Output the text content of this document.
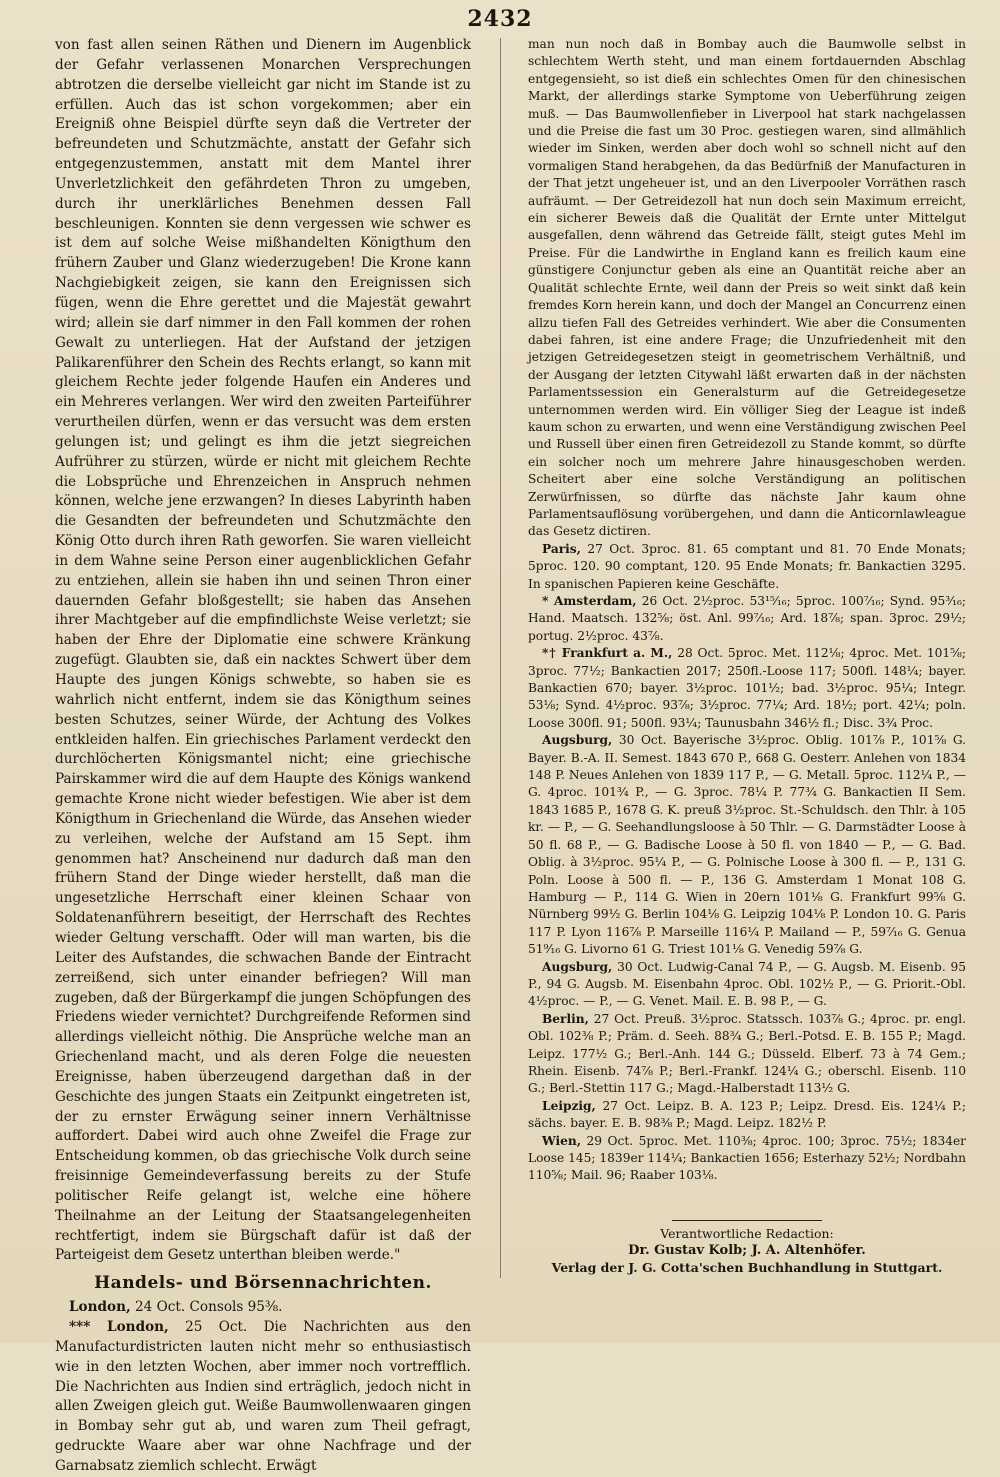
2432

von fast allen seinen Räthen und Dienern im Augenblick der Gefahr verlassenen Monarchen Versprechungen abtrotzen die derselbe vielleicht gar nicht im Stande ist zu erfüllen. Auch das ist schon vorgekommen; aber ein Ereigniß ohne Beispiel dürfte seyn daß die Vertreter der befreundeten und Schutzmächte, anstatt der Gefahr sich entgegenzustemmen, anstatt mit dem Mantel ihrer Unverletzlichkeit den gefährdeten Thron zu umgeben, durch ihr unerklärliches Benehmen dessen Fall beschleunigen. Konnten sie denn vergessen wie schwer es ist dem auf solche Weise mißhandelten Königthum den frühern Zauber und Glanz wiederzugeben! Die Krone kann Nachgiebigkeit zeigen, sie kann den Ereignissen sich fügen, wenn die Ehre gerettet und die Majestät gewahrt wird; allein sie darf nimmer in den Fall kommen der rohen Gewalt zu unterliegen. Hat der Aufstand der jetzigen Palikarenführer den Schein des Rechts erlangt, so kann mit gleichem Rechte jeder folgende Haufen ein Anderes und ein Mehreres verlangen. Wer wird den zweiten Parteiführer verurtheilen dürfen, wenn er das versucht was dem ersten gelungen ist; und gelingt es ihm die jetzt siegreichen Aufrührer zu stürzen, würde er nicht mit gleichem Rechte die Lobsprüche und Ehrenzeichen in Anspruch nehmen können, welche jene erzwangen? In dieses Labyrinth haben die Gesandten der befreundeten und Schutzmächte den König Otto durch ihren Rath geworfen. Sie waren vielleicht in dem Wahne seine Person einer augenblicklichen Gefahr zu entziehen, allein sie haben ihn und seinen Thron einer dauernden Gefahr bloßgestellt; sie haben das Ansehen ihrer Machtgeber auf die empfindlichste Weise verletzt; sie haben der Ehre der Diplomatie eine schwere Kränkung zugefügt. Glaubten sie, daß ein nacktes Schwert über dem Haupte des jungen Königs schwebte, so haben sie es wahrlich nicht entfernt, indem sie das Königthum seines besten Schutzes, seiner Würde, der Achtung des Volkes entkleiden halfen. Ein griechisches Parlament verdeckt den durchlöcherten Königsmantel nicht; eine griechische Pairskammer wird die auf dem Haupte des Königs wankend gemachte Krone nicht wieder befestigen. Wie aber ist dem Königthum in Griechenland die Würde, das Ansehen wieder zu verleihen, welche der Aufstand am 15 Sept. ihm genommen hat? Anscheinend nur dadurch daß man den frühern Stand der Dinge wieder herstellt, daß man die ungesetzliche Herrschaft einer kleinen Schaar von Soldatenanführern beseitigt, der Herrschaft des Rechtes wieder Geltung verschafft. Oder will man warten, bis die Leiter des Aufstandes, die schwachen Bande der Eintracht zerreißend, sich unter einander befriegen? Will man zugeben, daß der Bürgerkampf die jungen Schöpfungen des Friedens wieder vernichtet? Durchgreifende Reformen sind allerdings vielleicht nöthig. Die Ansprüche welche man an Griechenland macht, und als deren Folge die neuesten Ereignisse, haben überzeugend dargethan daß in der Geschichte des jungen Staats ein Zeitpunkt eingetreten ist, der zu ernster Erwägung seiner innern Verhältnisse auffordert. Dabei wird auch ohne Zweifel die Frage zur Entscheidung kommen, ob das griechische Volk durch seine freisinnige Gemeindeverfassung bereits zu der Stufe politischer Reife gelangt ist, welche eine höhere Theilnahme an der Leitung der Staatsangelegenheiten rechtfertigt, indem sie Bürgschaft dafür ist daß der Parteigeist dem Gesetz unterthan bleiben werde."

Handels- und Börsennachrichten.

London, 24 Oct. Consols 95⅜.

*** London, 25 Oct. Die Nachrichten aus den Manufacturdistricten lauten nicht mehr so enthusiastisch wie in den letzten Wochen, aber immer noch vortrefflich. Die Nachrichten aus Indien sind erträglich, jedoch nicht in allen Zweigen gleich gut. Weiße Baumwollenwaaren gingen in Bombay sehr gut ab, und waren zum Theil gefragt, gedruckte Waare aber war ohne Nachfrage und der Garnabsatz ziemlich schlecht. Erwägt

man nun noch daß in Bombay auch die Baumwolle selbst in schlechtem Werth steht, und man einem fortdauernden Abschlag entgegensieht, so ist dieß ein schlechtes Omen für den chinesischen Markt, der allerdings starke Symptome von Ueberführung zeigen muß. — Das Baumwollenfieber in Liverpool hat stark nachgelassen und die Preise die fast um 30 Proc. gestiegen waren, sind allmählich wieder im Sinken, werden aber doch wohl so schnell nicht auf den vormaligen Stand herabgehen, da das Bedürfniß der Manufacturen in der That jetzt ungeheuer ist, und an den Liverpooler Vorräthen rasch aufräumt. — Der Getreidezoll hat nun doch sein Maximum erreicht, ein sicherer Beweis daß die Qualität der Ernte unter Mittelgut ausgefallen, denn während das Getreide fällt, steigt gutes Mehl im Preise. Für die Landwirthe in England kann es freilich kaum eine günstigere Conjunctur geben als eine an Quantität reiche aber an Qualität schlechte Ernte, weil dann der Preis so weit sinkt daß kein fremdes Korn herein kann, und doch der Mangel an Concurrenz einen allzu tiefen Fall des Getreides verhindert. Wie aber die Consumenten dabei fahren, ist eine andere Frage; die Unzufriedenheit mit den jetzigen Getreidegesetzen steigt in geometrischem Verhältniß, und der Ausgang der letzten Citywahl läßt erwarten daß in der nächsten Parlamentssession ein Generalsturm auf die Getreidegesetze unternommen werden wird. Ein völliger Sieg der League ist indeß kaum schon zu erwarten, und wenn eine Verständigung zwischen Peel und Russell über einen firen Getreidezoll zu Stande kommt, so dürfte ein solcher noch um mehrere Jahre hinausgeschoben werden. Scheitert aber eine solche Verständigung an politischen Zerwürfnissen, so dürfte das nächste Jahr kaum ohne Parlamentsauflösung vorübergehen, und dann die Anticornlawleague das Gesetz dictiren.

Paris, 27 Oct. 3proc. 81. 65 comptant und 81. 70 Ende Monats; 5proc. 120. 90 comptant, 120. 95 Ende Monats; fr. Bankactien 3295. In spanischen Papieren keine Geschäfte.

* Amsterdam, 26 Oct. 2½proc. 53¹⁵⁄₁₆; 5proc. 100⁷⁄₁₆; Synd. 95³⁄₁₆; Hand. Maatsch. 132⅝; öst. Anl. 99⁷⁄₁₆; Ard. 18⅞; span. 3proc. 29½; portug. 2½proc. 43⅞.

*† Frankfurt a. M., 28 Oct. 5proc. Met. 112⅛; 4proc. Met. 101⅝; 3proc. 77½; Bankactien 2017; 250fl.-Loose 117; 500fl. 148¼; bayer. Bankactien 670; bayer. 3½proc. 101½; bad. 3½proc. 95¼; Integr. 53⅛; Synd. 4½proc. 93⅞; 3½proc. 77¼; Ard. 18½; port. 42¼; poln. Loose 300fl. 91; 500fl. 93¼; Taunusbahn 346½ fl.; Disc. 3¾ Proc.

Augsburg, 30 Oct. Bayerische 3½proc. Oblig. 101⅞ P., 101⅝ G. Bayer. B.-A. II. Semest. 1843 670 P., 668 G. Oesterr. Anlehen von 1834 148 P. Neues Anlehen von 1839 117 P., — G. Metall. 5proc. 112¼ P., — G. 4proc. 101¾ P., — G. 3proc. 78¼ P. 77¾ G. Bankactien II Sem. 1843 1685 P., 1678 G. K. preuß 3½proc. St.-Schuldsch. den Thlr. à 105 kr. — P., — G. Seehandlungsloose à 50 Thlr. — G. Darmstädter Loose à 50 fl. 68 P., — G. Badische Loose à 50 fl. von 1840 — P., — G. Bad. Oblig. à 3½proc. 95¼ P., — G. Polnische Loose à 300 fl. — P., 131 G. Poln. Loose à 500 fl. — P., 136 G. Amsterdam 1 Monat 108 G. Hamburg — P., 114 G. Wien in 20ern 101⅛ G. Frankfurt 99⅝ G. Nürnberg 99½ G. Berlin 104⅛ G. Leipzig 104⅛ P. London 10. G. Paris 117 P. Lyon 116⅞ P. Marseille 116¼ P. Mailand — P., 59⁷⁄₁₆ G. Genua 51⁹⁄₁₆ G. Livorno 61 G. Triest 101⅛ G. Venedig 59⅞ G.

Augsburg, 30 Oct. Ludwig-Canal 74 P., — G. Augsb. M. Eisenb. 95 P., 94 G. Augsb. M. Eisenbahn 4proc. Obl. 102½ P., — G. Priorit.-Obl. 4½proc. — P., — G. Venet. Mail. E. B. 98 P., — G.

Berlin, 27 Oct. Preuß. 3½proc. Statssch. 103⅞ G.; 4proc. pr. engl. Obl. 102⅜ P.; Präm. d. Seeh. 88¾ G.; Berl.-Potsd. E. B. 155 P.; Magd. Leipz. 177½ G.; Berl.-Anh. 144 G.; Düsseld. Elberf. 73 à 74 Gem.; Rhein. Eisenb. 74⅞ P.; Berl.-Frankf. 124¼ G.; oberschl. Eisenb. 110 G.; Berl.-Stettin 117 G.; Magd.-Halberstadt 113½ G.

Leipzig, 27 Oct. Leipz. B. A. 123 P.; Leipz. Dresd. Eis. 124¼ P.; sächs. bayer. E. B. 98⅜ P.; Magd. Leipz. 182½ P.

Wien, 29 Oct. 5proc. Met. 110⅜; 4proc. 100; 3proc. 75½; 1834er Loose 145; 1839er 114¼; Bankactien 1656; Esterhazy 52½; Nordbahn 110⅝; Mail. 96; Raaber 103⅛.

Verantwortliche Redaction:
Dr. Gustav Kolb; J. A. Altenhöfer.
Verlag der J. G. Cotta'schen Buchhandlung in Stuttgart.
